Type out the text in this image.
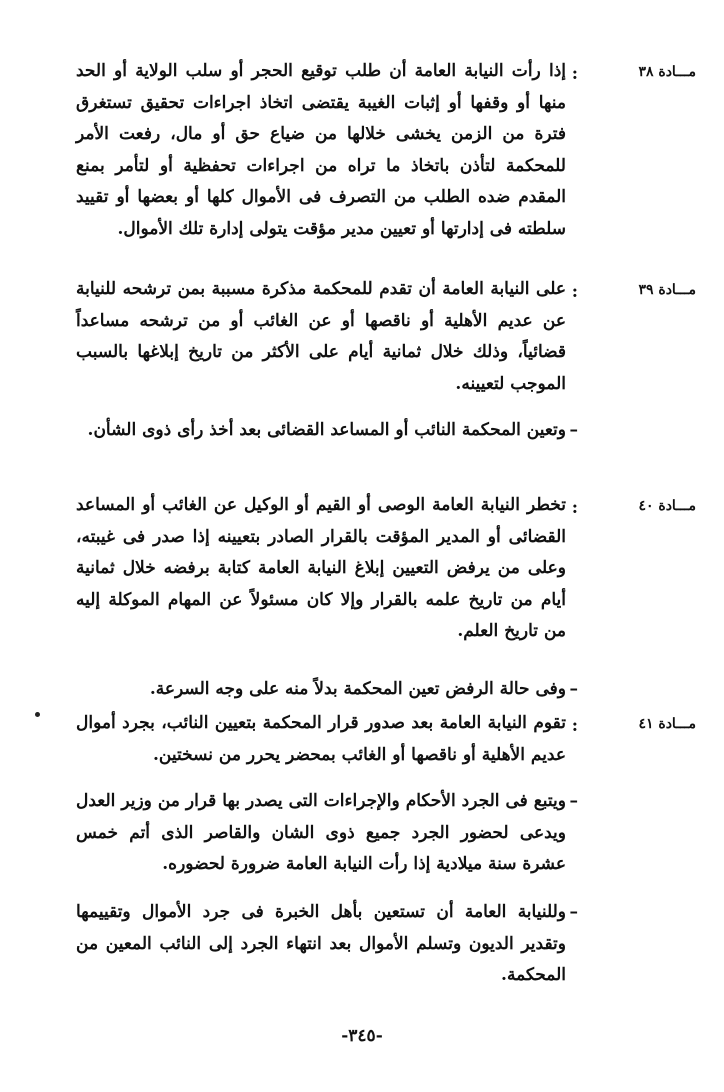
مـــادة ٣٨
:

إذا رأت النيابة العامة أن طلب توقيع الحجر أو سلب الولاية أو الحد منها أو وقفها أو إثبات الغيبة يقتضى اتخاذ اجراءات تحقيق تستغرق فترة من الزمن يخشى خلالها من ضياع حق أو مال، رفعت الأمر للمحكمة لتأذن باتخاذ ما تراه من اجراءات تحفظية أو لتأمر بمنع المقدم ضده الطلب من التصرف فى الأموال كلها أو بعضها أو تقييد سلطته فى إدارتها أو تعيين مدير مؤقت يتولى إدارة تلك الأموال.

مـــادة ٣٩
:

على النيابة العامة أن تقدم للمحكمة مذكرة مسببة بمن ترشحه للنيابة عن عديم الأهلية أو ناقصها أو عن الغائب أو من ترشحه مساعداً قضائياً، وذلك خلال ثمانية أيام على الأكثر من تاريخ إبلاغها بالسبب الموجب لتعيينه.

–

وتعين المحكمة النائب أو المساعد القضائى بعد أخذ رأى ذوى الشأن.

مـــادة ٤٠
:

تخطر النيابة العامة الوصى أو القيم أو الوكيل عن الغائب أو المساعد القضائى أو المدير المؤقت بالقرار الصادر بتعيينه إذا صدر فى غيبته، وعلى من يرفض التعيين إبلاغ النيابة العامة كتابة برفضه خلال ثمانية أيام من تاريخ علمه بالقرار وإلا كان مسئولاً عن المهام الموكلة إليه من تاريخ العلم.

–

وفى حالة الرفض تعين المحكمة بدلاً منه على وجه السرعة.

مـــادة ٤١
:

تقوم النيابة العامة بعد صدور قرار المحكمة بتعيين النائب، بجرد أموال عديم الأهلية أو ناقصها أو الغائب بمحضر يحرر من نسختين.

–

ويتبع فى الجرد الأحكام والإجراءات التى يصدر بها قرار من وزير العدل ويدعى لحضور الجرد جميع ذوى الشان والقاصر الذى أتم خمس عشرة سنة ميلادية إذا رأت النيابة العامة ضرورة لحضوره.

–

وللنيابة العامة أن تستعين بأهل الخبرة فى جرد الأموال وتقييمها وتقدير الديون وتسلم الأموال بعد انتهاء الجرد إلى النائب المعين من المحكمة.

-٣٤٥-
